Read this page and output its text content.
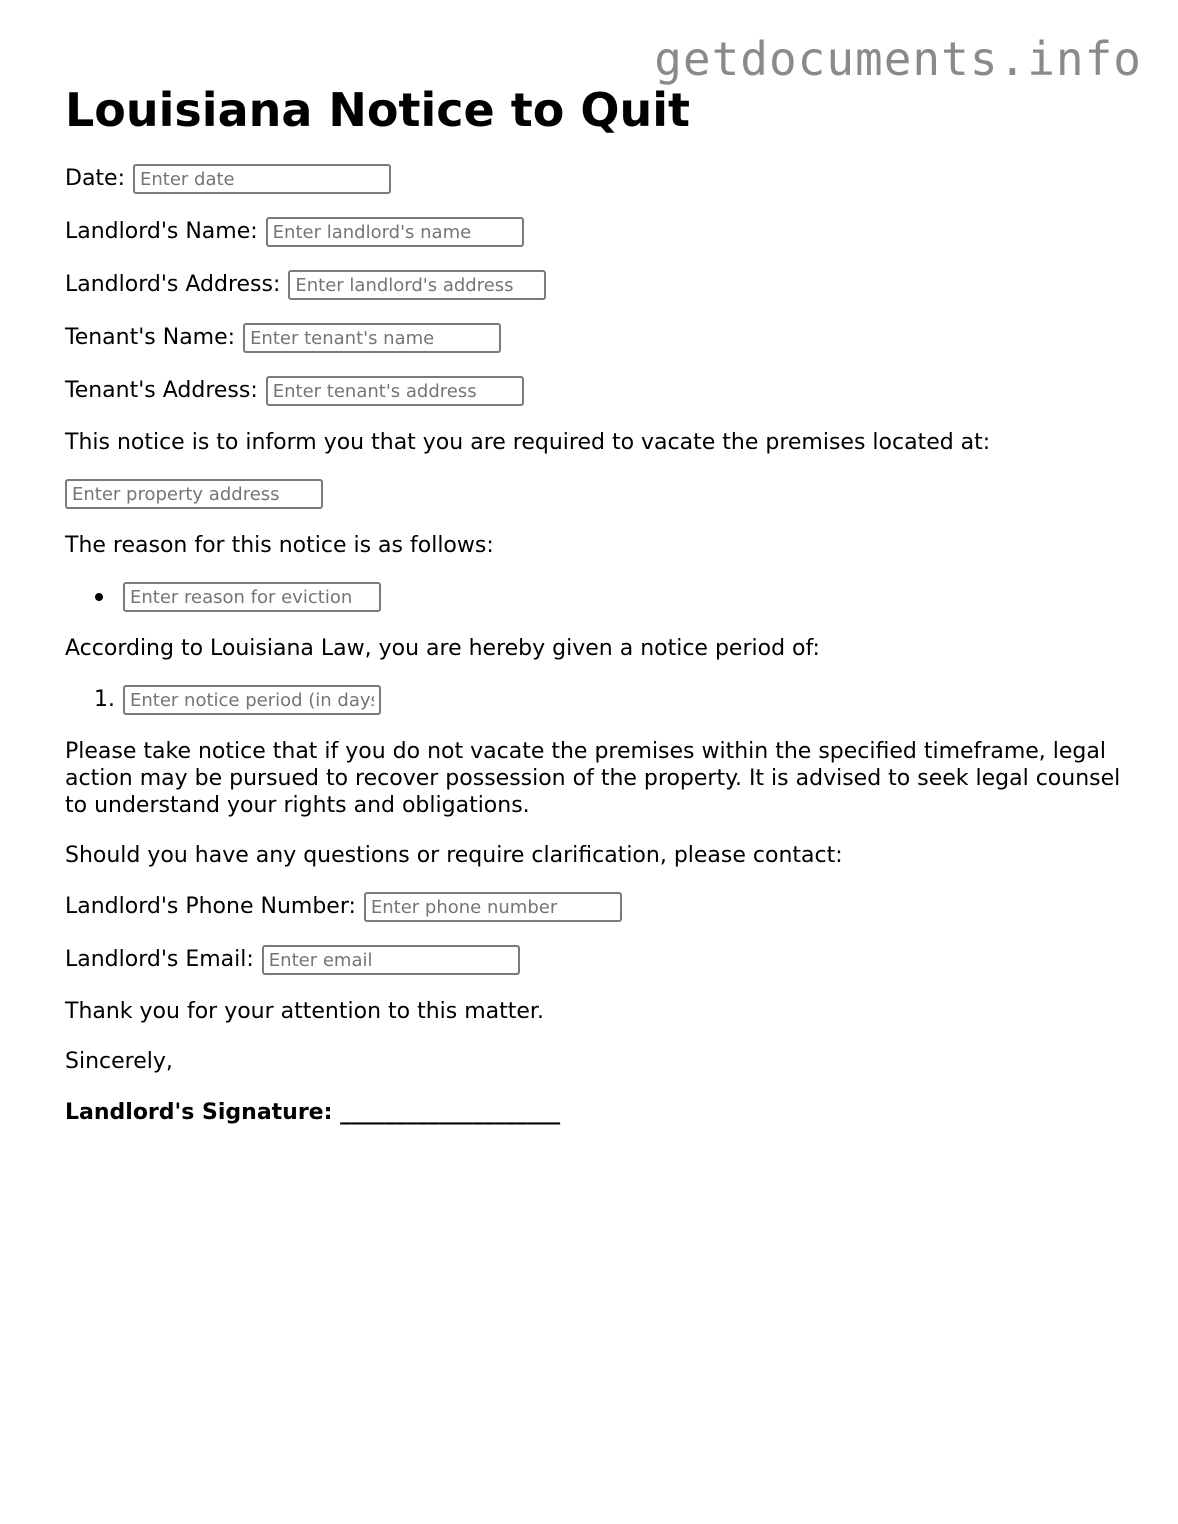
getdocuments.info
Louisiana Notice to Quit
Date:
Enter date
Landlord's Name:
Enter landlord's name
Landlord's Address:
Enter landlord's address
Tenant's Name:
Enter tenant's name
Tenant's Address:
Enter tenant's address

This notice is to inform you that you are required to vacate the premises located at:

Enter property address

The reason for this notice is as follows:

Enter reason for eviction

According to Louisiana Law, you are hereby given a notice period of:

1.
Enter notice period (in days)

Please take notice that if you do not vacate the premises within the specified timeframe, legal action may be pursued to recover possession of the property. It is advised to seek legal counsel to understand your rights and obligations.

Should you have any questions or require clarification, please contact:

Landlord's Phone Number:
Enter phone number
Landlord's Email:
Enter email

Thank you for your attention to this matter.

Sincerely,

Landlord's Signature: ____________________
